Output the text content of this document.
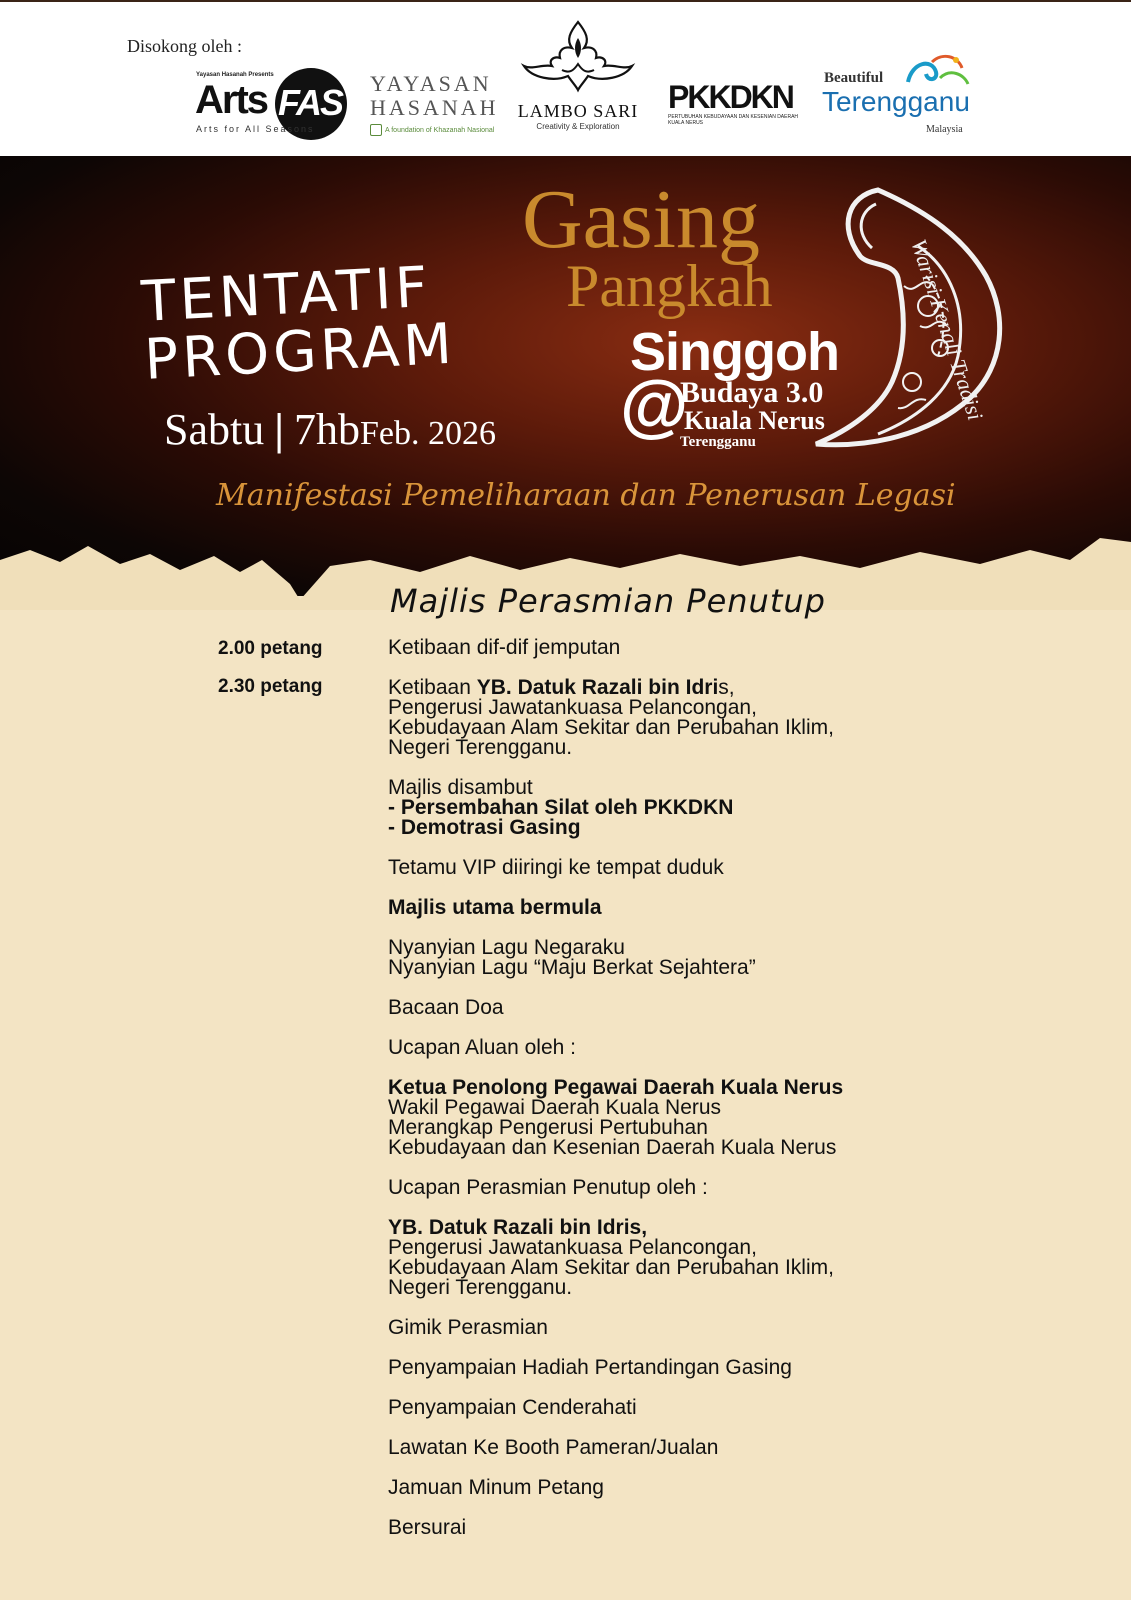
Disokong oleh :
Yayasan Hasanah Presents
Arts FAS
Arts for All Seasons
YAYASAN
HASANAH
A foundation of Khazanah Nasional
LAMBO SARI
Creativity & Exploration
PKKDKN
PERTUBUHAN KEBUDAYAAN DAN KESENIAN DAERAH KUALA NERUS
Beautiful
Terengganu
Malaysia
TENTATIF
PROGRAM
Sabtu | 7hbFeb. 2026
Gasing
Pangkah
Singgoh
@
Budaya 3.0
Kuala Nerus
Terengganu
Warisi Kenali Tradisi
Manifestasi Pemeliharaan dan Penerusan Legasi
Majlis Perasmian Penutup
2.00 petang
2.30 petang
Ketibaan dif-dif jemputan
Ketibaan YB. Datuk Razali bin Idris,
Pengerusi Jawatankuasa Pelancongan,
Kebudayaan Alam Sekitar dan Perubahan Iklim,
Negeri Terengganu.
Majlis disambut
- Persembahan Silat oleh PKKDKN
- Demotrasi Gasing
Tetamu VIP diiringi ke tempat duduk
Majlis utama bermula
Nyanyian Lagu Negaraku
Nyanyian Lagu “Maju Berkat Sejahtera”
Bacaan Doa
Ucapan Aluan oleh :
Ketua Penolong Pegawai Daerah Kuala Nerus
Wakil Pegawai Daerah Kuala Nerus
Merangkap Pengerusi Pertubuhan
Kebudayaan dan Kesenian Daerah Kuala Nerus
Ucapan Perasmian Penutup oleh :
YB. Datuk Razali bin Idris,
Pengerusi Jawatankuasa Pelancongan,
Kebudayaan Alam Sekitar dan Perubahan Iklim,
Negeri Terengganu.
Gimik Perasmian
Penyampaian Hadiah Pertandingan Gasing
Penyampaian Cenderahati
Lawatan Ke Booth Pameran/Jualan
Jamuan Minum Petang
Bersurai
